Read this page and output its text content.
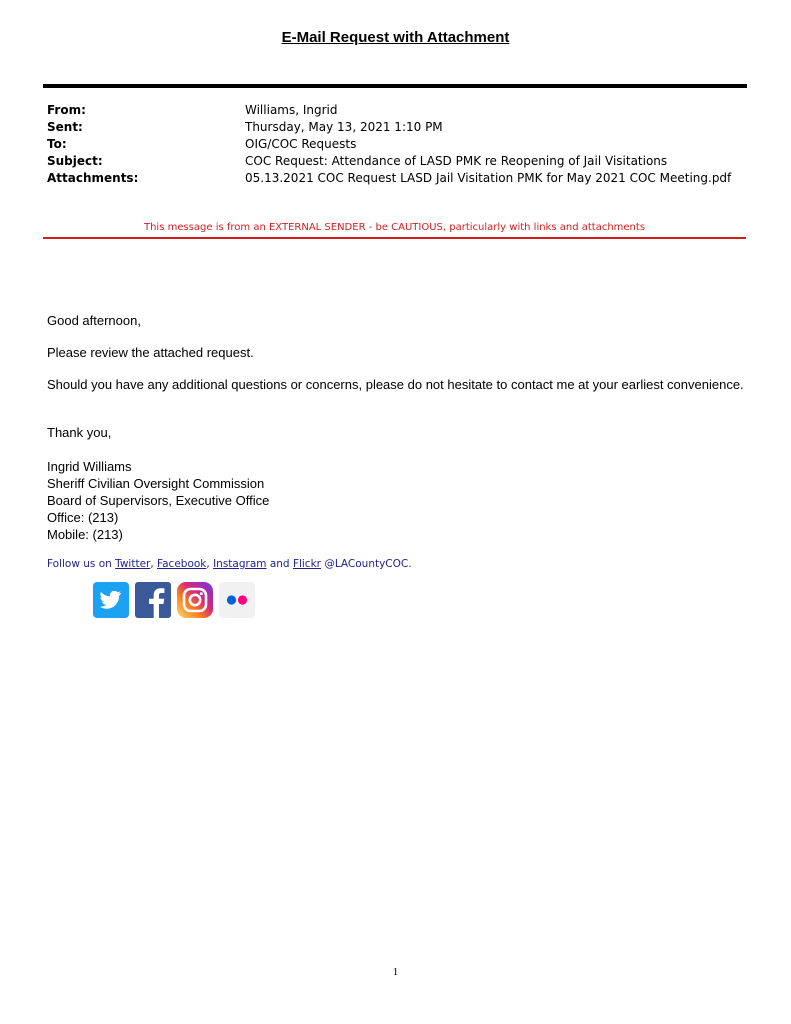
E-Mail Request with Attachment
From:	Williams, Ingrid
Sent:	Thursday, May 13, 2021 1:10 PM
To:	OIG/COC Requests
Subject:	COC Request: Attendance of LASD PMK re Reopening of Jail Visitations
Attachments:	05.13.2021 COC Request LASD Jail Visitation PMK for May 2021 COC Meeting.pdf
This message is from an EXTERNAL SENDER - be CAUTIOUS, particularly with links and attachments
Good afternoon,
Please review the attached request.
Should you have any additional questions or concerns, please do not hesitate to contact me at your earliest convenience.
Thank you,
Ingrid Williams
Sheriff Civilian Oversight Commission
Board of Supervisors, Executive Office
Office: (213)
Mobile: (213)
Follow us on Twitter, Facebook, Instagram and Flickr @LACountyCOC.
1
